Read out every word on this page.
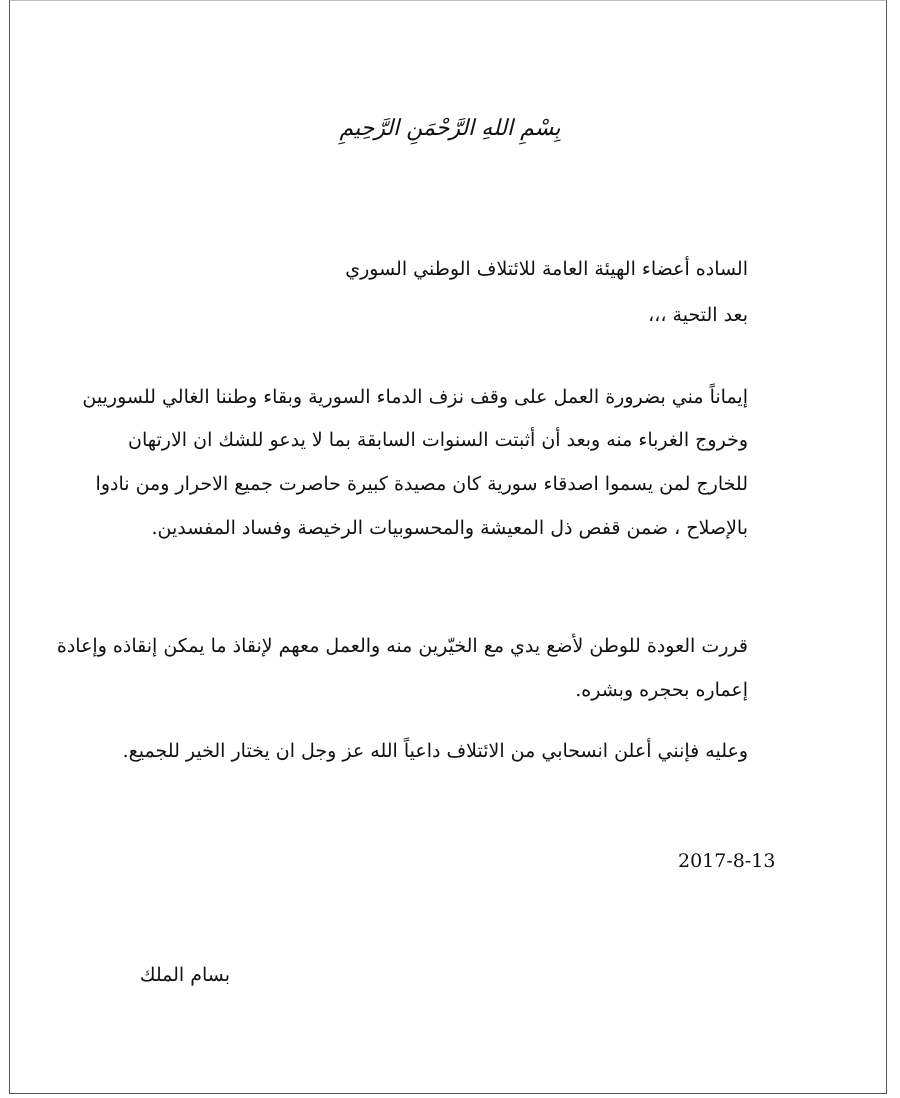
بِسْمِ اللهِ الرَّحْمَنِ الرَّحِيمِ
الساده أعضاء الهيئة العامة للائتلاف الوطني السوري
بعد التحية ،،،
إيماناً مني بضرورة العمل على وقف نزف الدماء السورية وبقاء وطننا الغالي للسوريين
وخروج الغرباء منه وبعد أن أثبتت السنوات السابقة بما لا يدعو للشك ان الارتهان
للخارج لمن يسموا اصدقاء سورية كان مصيدة كبيرة حاصرت جميع الاحرار ومن نادوا
بالإصلاح ، ضمن قفص ذل المعيشة والمحسوبيات الرخيصة وفساد المفسدين.
قررت العودة للوطن لأضع يدي مع الخيّرين منه والعمل معهم لإنقاذ ما يمكن إنقاذه وإعادة
إعماره بحجره وبشره.
وعليه فإنني أعلن انسحابي من الائتلاف داعياً الله عز وجل ان يختار الخير للجميع.
2017-8-13
بسام الملك
